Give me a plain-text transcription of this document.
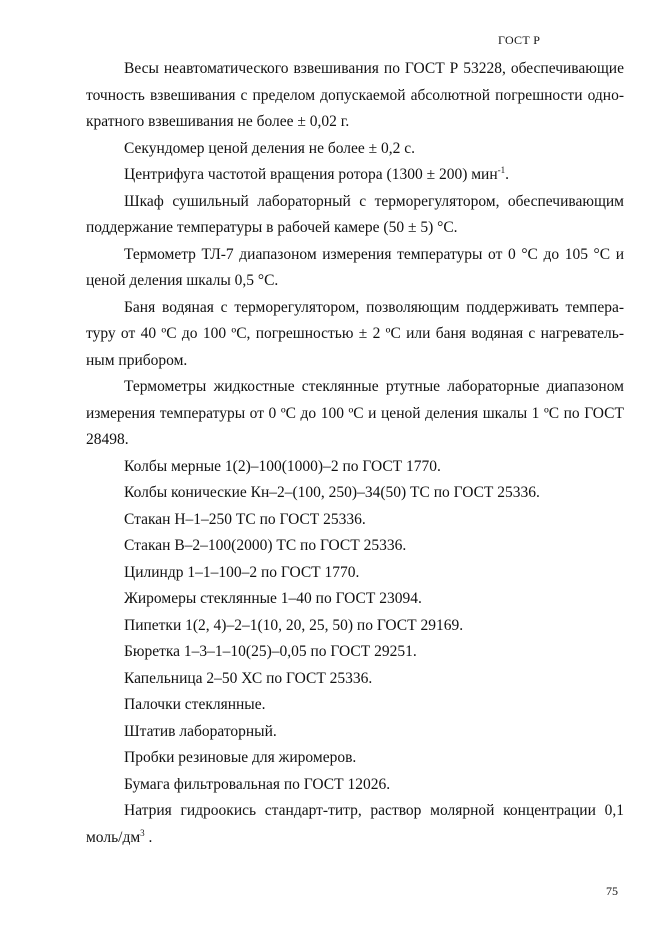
ГОСТ Р

Весы неавтоматического взвешивания по ГОСТ Р 53228, обеспечивающие точность взвешивания с пределом допускаемой абсолютной погрешности одно- кратного взвешивания не более ± 0,02 г.

Секундомер ценой деления не более ± 0,2 с.

Центрифуга частотой вращения ротора (1300 ± 200) мин$^{-1}$.

Шкаф сушильный лабораторный с терморегулятором, обеспечивающим поддержание температуры в рабочей камере (50 ± 5) °С.

Термометр ТЛ-7 диапазоном измерения температуры от 0 °С до 105 °С и ценой деления шкалы 0,5 °С.

Баня водяная с терморегулятором, позволяющим поддерживать темпера- туру от 40 ºС до 100 ºС, погрешностью ± 2 ºС или баня водяная с нагреватель- ным прибором.

Термометры жидкостные стеклянные ртутные лабораторные диапазоном измерения температуры от 0 ºС до 100 ºС и ценой деления шкалы 1 ºС по ГОСТ 28498.

Колбы мерные 1(2)–100(1000)–2 по ГОСТ 1770.

Колбы конические Кн–2–(100, 250)–34(50) ТС по ГОСТ 25336.

Стакан Н–1–250 ТС по ГОСТ 25336.

Стакан В–2–100(2000) ТС по ГОСТ 25336.

Цилиндр 1–1–100–2 по ГОСТ 1770.

Жиромеры стеклянные 1–40 по ГОСТ 23094.

Пипетки 1(2, 4)–2–1(10, 20, 25, 50) по ГОСТ 29169.

Бюретка 1–3–1–10(25)–0,05 по ГОСТ 29251.

Капельница 2–50 ХС по ГОСТ 25336.

Палочки стеклянные.

Штатив лабораторный.

Пробки резиновые для жиромеров.

Бумага фильтровальная по ГОСТ 12026.

Натрия гидроокись стандарт-титр, раствор молярной концентрации 0,1 моль/$дм^3$ .

75
